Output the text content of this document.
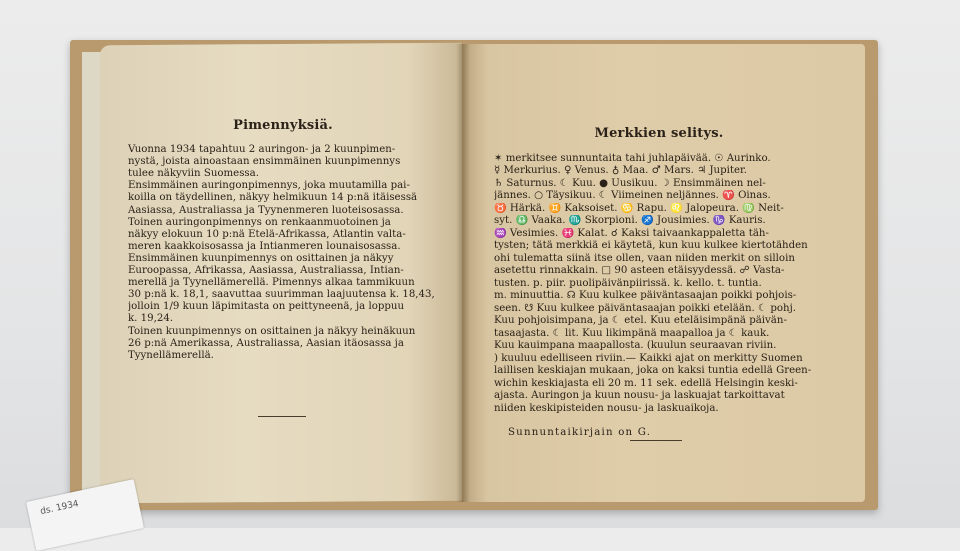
Pimennyksiä.
Vuonna 1934 tapahtuu 2 auringon- ja 2 kuunpimen-
nystä, joista ainoastaan ensimmäinen kuunpimennys
tulee näkyviin Suomessa.
Ensimmäinen auringonpimennys, joka muutamilla pai-
koilla on täydellinen, näkyy helmikuun 14 p:nä itäisessä
Aasiassa, Australiassa ja Tyynenmeren luoteisosassa.
Toinen auringonpimennys on renkaanmuotoinen ja
näkyy elokuun 10 p:nä Etelä-Afrikassa, Atlantin valta-
meren kaakkoisosassa ja Intianmeren lounaisosassa.
Ensimmäinen kuunpimennys on osittainen ja näkyy
Euroopassa, Afrikassa, Aasiassa, Australiassa, Intian-
merellä ja Tyynellämerellä. Pimennys alkaa tammikuun
30 p:nä k. 18,1, saavuttaa suurimman laajuutensa k. 18,43,
jolloin 1/9 kuun läpimitasta on peittyneenä, ja loppuu
k. 19,24.
Toinen kuunpimennys on osittainen ja näkyy heinäkuun
26 p:nä Amerikassa, Australiassa, Aasian itäosassa ja
Tyynellämerellä.
Merkkien selitys.
✶ merkitsee sunnuntaita tahi juhlapäivää. ☉ Aurinko.
☿ Merkurius. ♀ Venus. ♁ Maa. ♂ Mars. ♃ Jupiter.
♄ Saturnus. ☾ Kuu. ● Uusikuu. ☽ Ensimmäinen nel-
jännes. ○ Täysikuu. ☾ Viimeinen neljännes. ♈ Oinas.
♉ Härkä. ♊ Kaksoiset. ♋ Rapu. ♌ Jalopeura. ♍ Neit-
syt. ♎ Vaaka. ♏ Skorpioni. ♐ Jousimies. ♑ Kauris.
♒ Vesimies. ♓ Kalat. ☌ Kaksi taivaankappaletta täh-
tysten; tätä merkkiä ei käytetä, kun kuu kulkee kiertotähden
ohi tulematta siinä itse ollen, vaan niiden merkit on silloin
asetettu rinnakkain. □ 90 asteen etäisyydessä. ☍ Vasta-
tusten. p. piir. puolipäivänpiirissä. k. kello. t. tuntia.
m. minuuttia. ☊ Kuu kulkee päiväntasaajan poikki pohjois-
seen. ☋ Kuu kulkee päiväntasaajan poikki etelään. ☾ pohj.
Kuu pohjoisimpana, ja ☾ etel. Kuu eteläisimpänä päivän-
tasaajasta. ☾ lit. Kuu likimpänä maapalloa ja ☾ kauk.
Kuu kauimpana maapallosta. (kuulun seuraavan riviin.
) kuuluu edelliseen riviin.— Kaikki ajat on merkitty Suomen
laillisen keskiajan mukaan, joka on kaksi tuntia edellä Green-
wichin keskiajasta eli 20 m. 11 sek. edellä Helsingin keski-
ajasta. Auringon ja kuun nousu- ja laskuajat tarkoittavat
niiden keskipisteiden nousu- ja laskuaikoja.
Sunnuntaikirjain on G.
ds. 1934
